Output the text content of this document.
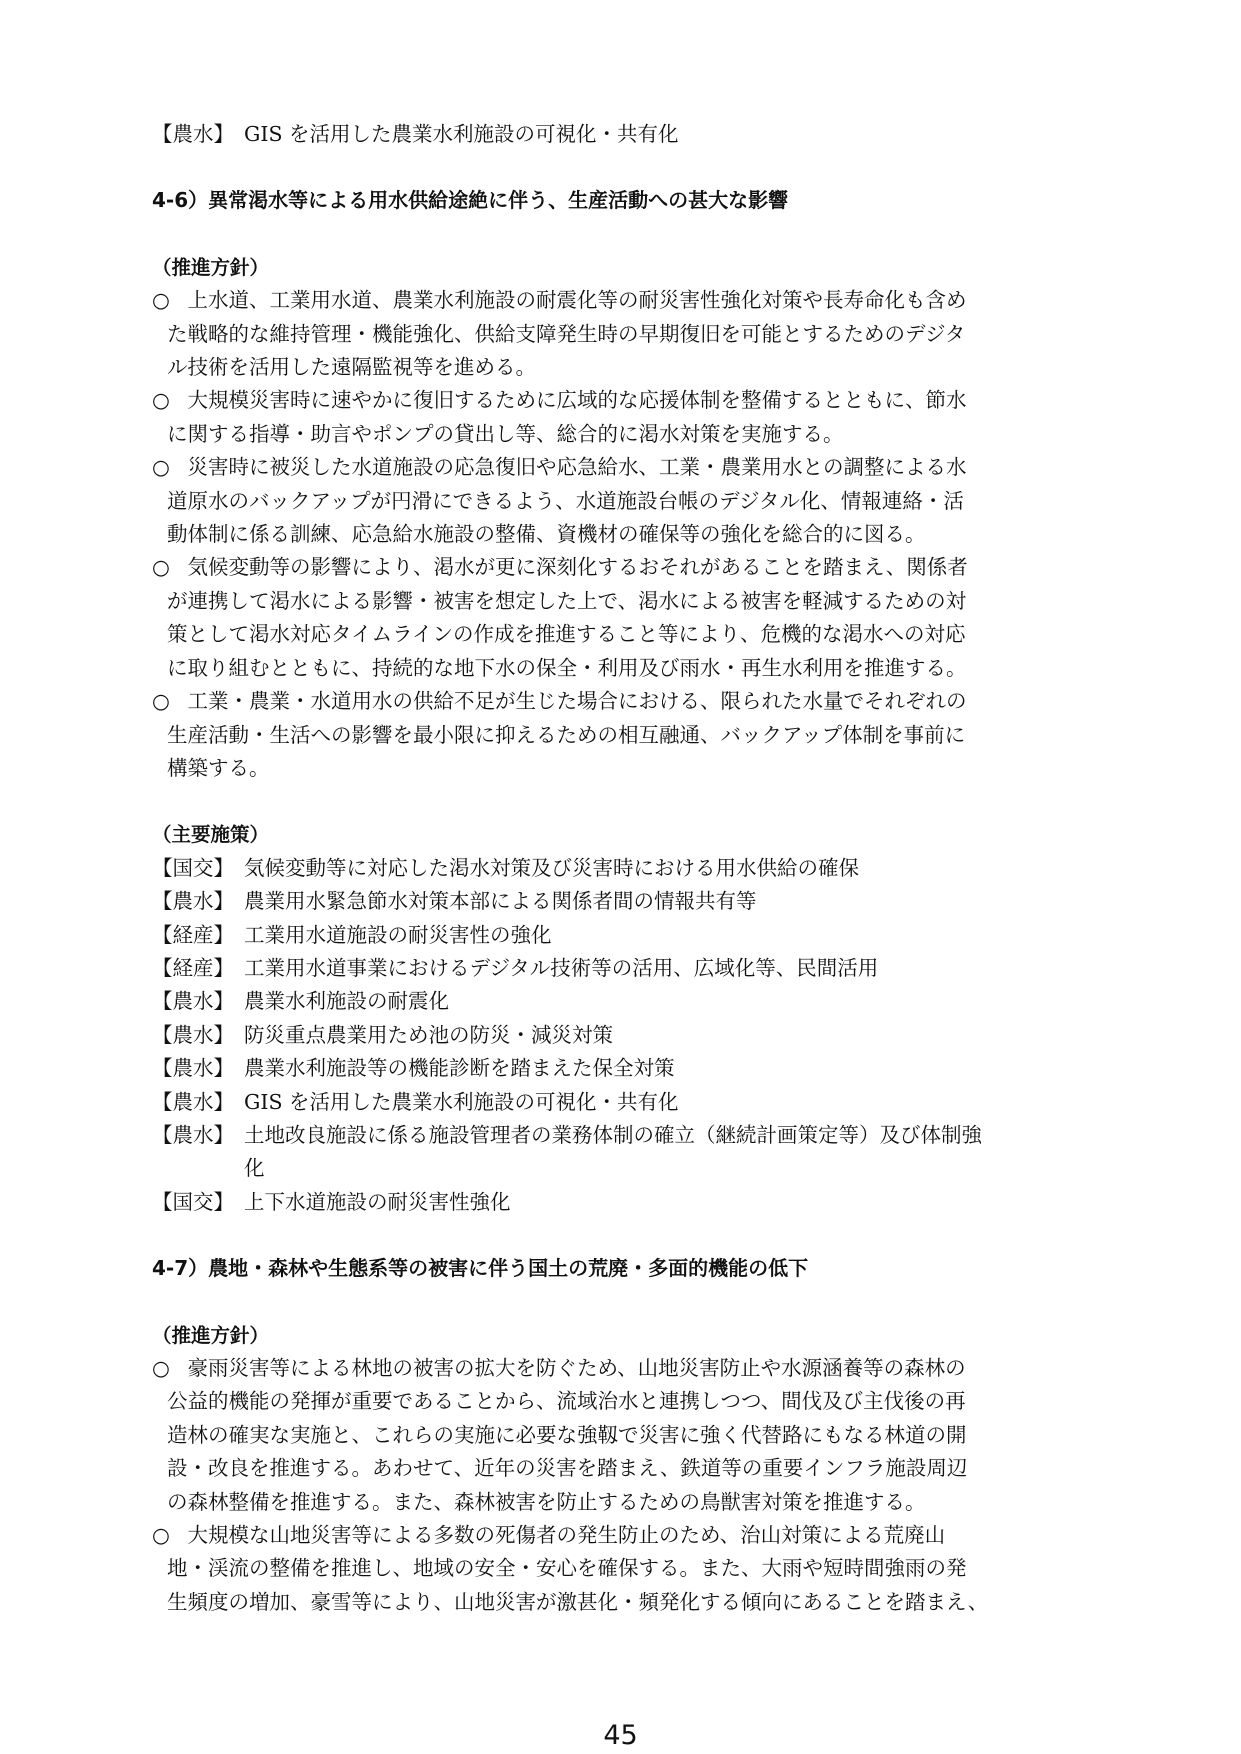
【農水】 GIS を活用した農業水利施設の可視化・共有化
4-6）異常渇水等による用水供給途絶に伴う、生産活動への甚大な影響
（推進方針）
○
　上水道、工業用水道、農業水利施設の耐震化等の耐災害性強化対策や長寿命化も含め
た戦略的な維持管理・機能強化、供給支障発生時の早期復旧を可能とするためのデジタ
ル技術を活用した遠隔監視等を進める。
○
　大規模災害時に速やかに復旧するために広域的な応援体制を整備するとともに、節水
に関する指導・助言やポンプの貸出し等、総合的に渇水対策を実施する。
○
　災害時に被災した水道施設の応急復旧や応急給水、工業・農業用水との調整による水
道原水のバックアップが円滑にできるよう、水道施設台帳のデジタル化、情報連絡・活
動体制に係る訓練、応急給水施設の整備、資機材の確保等の強化を総合的に図る。
○
　気候変動等の影響により、渇水が更に深刻化するおそれがあることを踏まえ、関係者
が連携して渇水による影響・被害を想定した上で、渇水による被害を軽減するための対
策として渇水対応タイムラインの作成を推進すること等により、危機的な渇水への対応
に取り組むとともに、持続的な地下水の保全・利用及び雨水・再生水利用を推進する。
○
　工業・農業・水道用水の供給不足が生じた場合における、限られた水量でそれぞれの
生産活動・生活への影響を最小限に抑えるための相互融通、バックアップ体制を事前に
構築する。
（主要施策）
【国交】 気候変動等に対応した渇水対策及び災害時における用水供給の確保
【農水】 農業用水緊急節水対策本部による関係者間の情報共有等
【経産】 工業用水道施設の耐災害性の強化
【経産】 工業用水道事業におけるデジタル技術等の活用、広域化等、民間活用
【農水】 農業水利施設の耐震化
【農水】 防災重点農業用ため池の防災・減災対策
【農水】 農業水利施設等の機能診断を踏まえた保全対策
【農水】 GIS を活用した農業水利施設の可視化・共有化
【農水】 土地改良施設に係る施設管理者の業務体制の確立（継続計画策定等）及び体制強
化
【国交】 上下水道施設の耐災害性強化
4-7）農地・森林や生態系等の被害に伴う国土の荒廃・多面的機能の低下
（推進方針）
○
　豪雨災害等による林地の被害の拡大を防ぐため、山地災害防止や水源涵養等の森林の
公益的機能の発揮が重要であることから、流域治水と連携しつつ、間伐及び主伐後の再
造林の確実な実施と、これらの実施に必要な強靱で災害に強く代替路にもなる林道の開
設・改良を推進する。あわせて、近年の災害を踏まえ、鉄道等の重要インフラ施設周辺
の森林整備を推進する。また、森林被害を防止するための鳥獣害対策を推進する。
○
　大規模な山地災害等による多数の死傷者の発生防止のため、治山対策による荒廃山
地・渓流の整備を推進し、地域の安全・安心を確保する。また、大雨や短時間強雨の発
生頻度の増加、豪雪等により、山地災害が激甚化・頻発化する傾向にあることを踏まえ、
45
